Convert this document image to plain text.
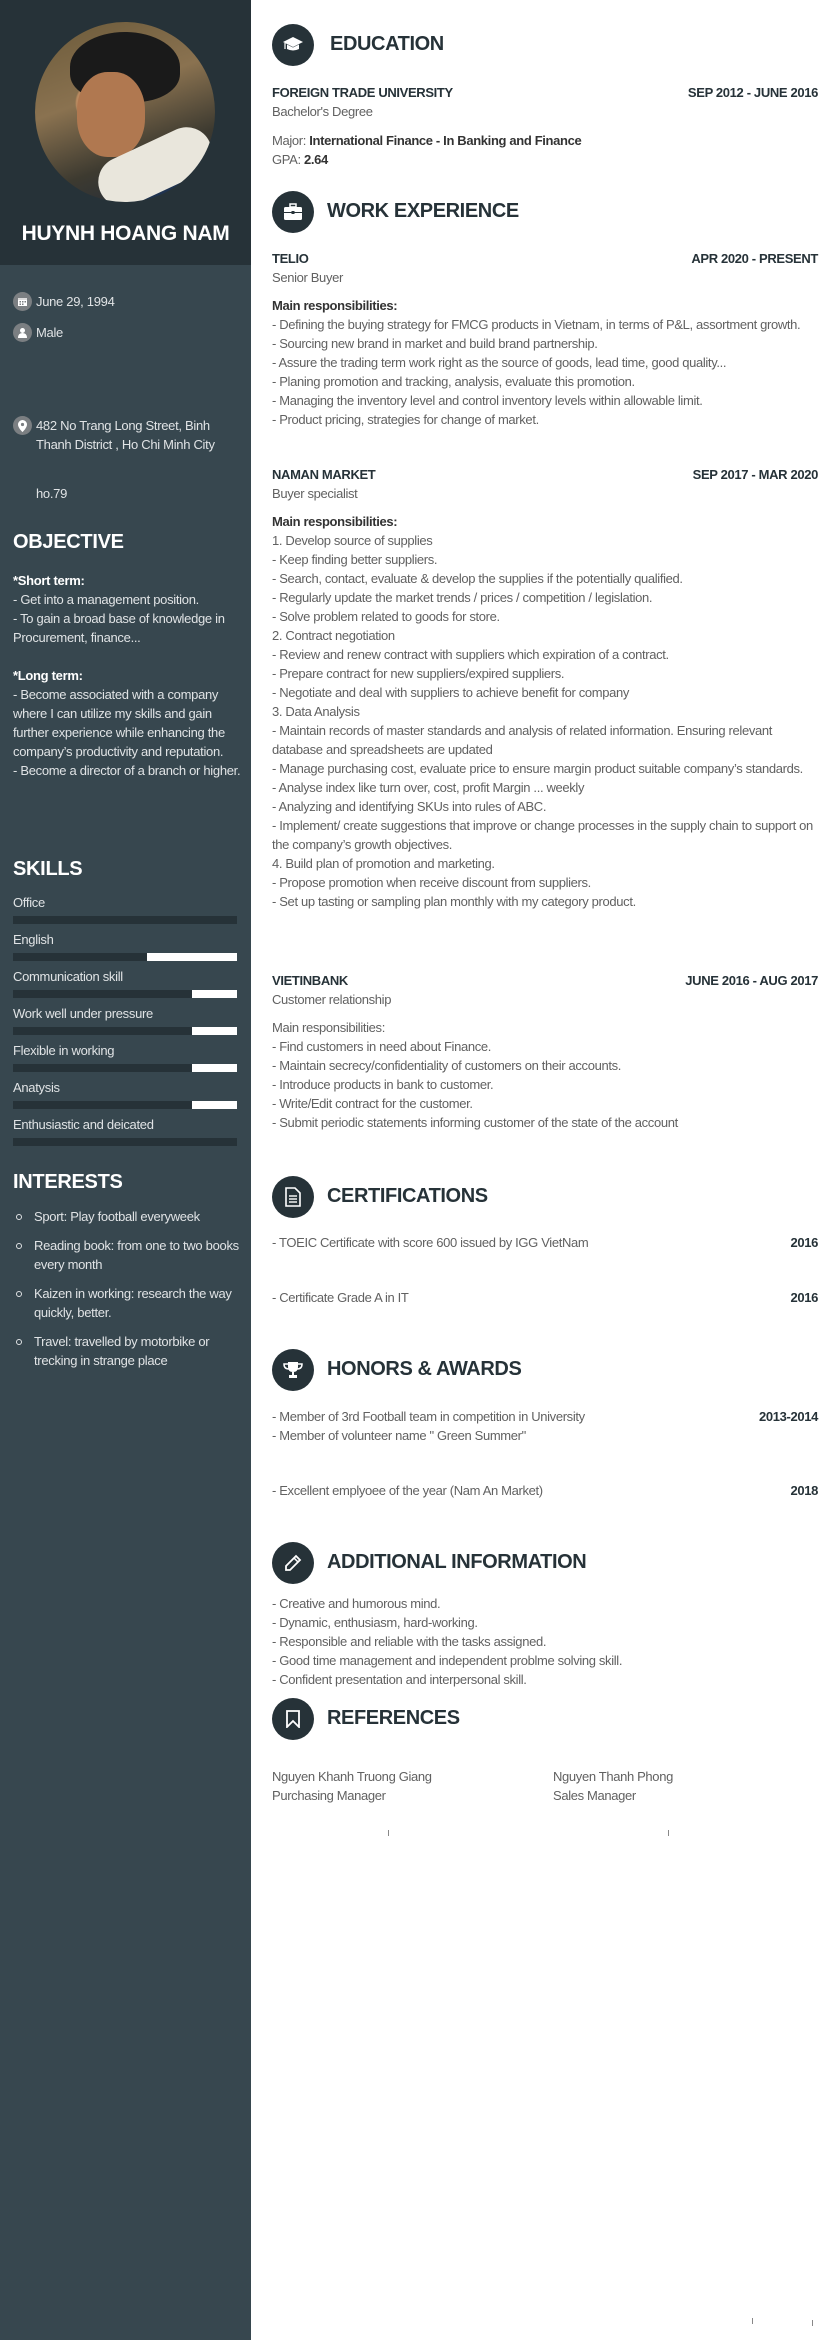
HUYNH HOANG NAM
June 29, 1994
Male
482 No Trang Long Street, Binh Thanh District , Ho Chi Minh City
ho.79
OBJECTIVE
*Short term:
- Get into a management position.
- To gain a broad base of knowledge in Procurement, finance...
*Long term:
- Become associated with a company where I can utilize my skills and gain further experience while enhancing the company’s productivity and reputation.
- Become a director of a branch or higher.
SKILLS
Office
English
Communication skill
Work well under pressure
Flexible in working
Anatysis
Enthusiastic and deicated
INTERESTS
Sport: Play football everyweek
Reading book: from one to two books every month
Kaizen in working: research the way quickly, better.
Travel: travelled by motorbike or trecking in strange place
EDUCATION
FOREIGN TRADE UNIVERSITY	SEP 2012 - JUNE 2016
Bachelor's Degree
Major: International Finance - In Banking and Finance
GPA: 2.64
WORK EXPERIENCE
TELIO	APR 2020 - PRESENT
Senior Buyer
Main responsibilities:
- Defining the buying strategy for FMCG products in Vietnam, in terms of P&L, assortment growth.
- Sourcing new brand in market and build brand partnership.
- Assure the trading term work right as the source of goods, lead time, good quality...
- Planing promotion and tracking, analysis, evaluate this promotion.
- Managing the inventory level and control inventory levels within allowable limit.
- Product pricing, strategies for change of market.
NAMAN MARKET	SEP 2017 - MAR 2020
Buyer specialist
Main responsibilities:
1. Develop source of supplies
- Keep finding better suppliers.
- Search, contact, evaluate & develop the supplies if the potentially qualified.
- Regularly update the market trends / prices / competition / legislation.
- Solve problem related to goods for store.
2. Contract negotiation
- Review and renew contract with suppliers which expiration of a contract.
- Prepare contract for new suppliers/expired suppliers.
- Negotiate and deal with suppliers to achieve benefit for company
3. Data Analysis
- Maintain records of master standards and analysis of related information. Ensuring relevant database and spreadsheets are updated
- Manage purchasing cost, evaluate price to ensure margin product suitable company’s standards.
- Analyse index like turn over, cost, profit Margin ... weekly
- Analyzing and identifying SKUs into rules of ABC.
- Implement/ create suggestions that improve or change processes in the supply chain to support on the company’s growth objectives.
4. Build plan of promotion and marketing.
- Propose promotion when receive discount from suppliers.
- Set up tasting or sampling plan monthly with my category product.
VIETINBANK	JUNE 2016 - AUG 2017
Customer relationship
Main responsibilities:
- Find customers in need about Finance.
- Maintain secrecy/confidentiality of customers on their accounts.
- Introduce products in bank to customer.
- Write/Edit contract for the customer.
- Submit periodic statements informing customer of the state of the account
CERTIFICATIONS
- TOEIC Certificate with score 600 issued by IGG VietNam	2016
- Certificate Grade A in IT	2016
HONORS & AWARDS
- Member of 3rd Football team in competition in University	2013-2014
- Member of volunteer name " Green Summer"
- Excellent emplyoee of the year (Nam An Market)	2018
ADDITIONAL INFORMATION
- Creative and humorous mind.
- Dynamic, enthusiasm, hard-working.
- Responsible and reliable with the tasks assigned.
- Good time management and independent problme solving skill.
- Confident presentation and interpersonal skill.
REFERENCES
Nguyen Khanh Truong Giang
Purchasing Manager
Nguyen Thanh Phong
Sales Manager
